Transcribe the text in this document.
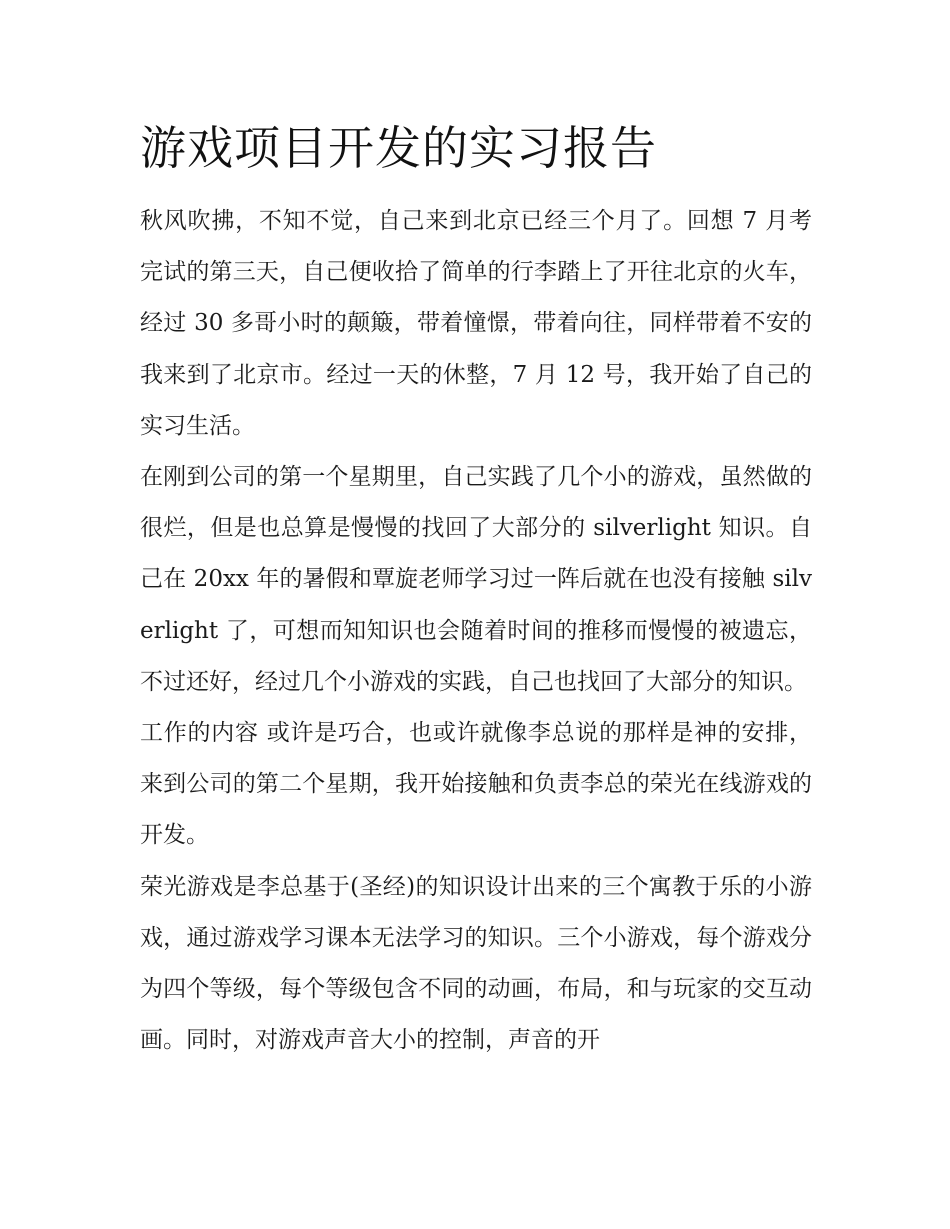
游戏项目开发的实习报告

秋风吹拂，不知不觉，自己来到北京已经三个月了。回想 7 月考完试的第三天，自己便收拾了简单的行李踏上了开往北京的火车，经过 30 多哥小时的颠簸，带着憧憬，带着向往，同样带着不安的我来到了北京市。经过一天的休整，7 月 12 号，我开始了自己的实习生活。

在刚到公司的第一个星期里，自己实践了几个小的游戏，虽然做的很烂，但是也总算是慢慢的找回了大部分的 silverlight 知识。自己在 20xx 年的暑假和覃旋老师学习过一阵后就在也没有接触 silverlight 了，可想而知知识也会随着时间的推移而慢慢的被遗忘，不过还好，经过几个小游戏的实践，自己也找回了大部分的知识。

工作的内容 或许是巧合，也或许就像李总说的那样是神的安排，来到公司的第二个星期，我开始接触和负责李总的荣光在线游戏的开发。

荣光游戏是李总基于(圣经)的知识设计出来的三个寓教于乐的小游戏，通过游戏学习课本无法学习的知识。三个小游戏，每个游戏分为四个等级，每个等级包含不同的动画，布局，和与玩家的交互动画。同时，对游戏声音大小的控制，声音的开
